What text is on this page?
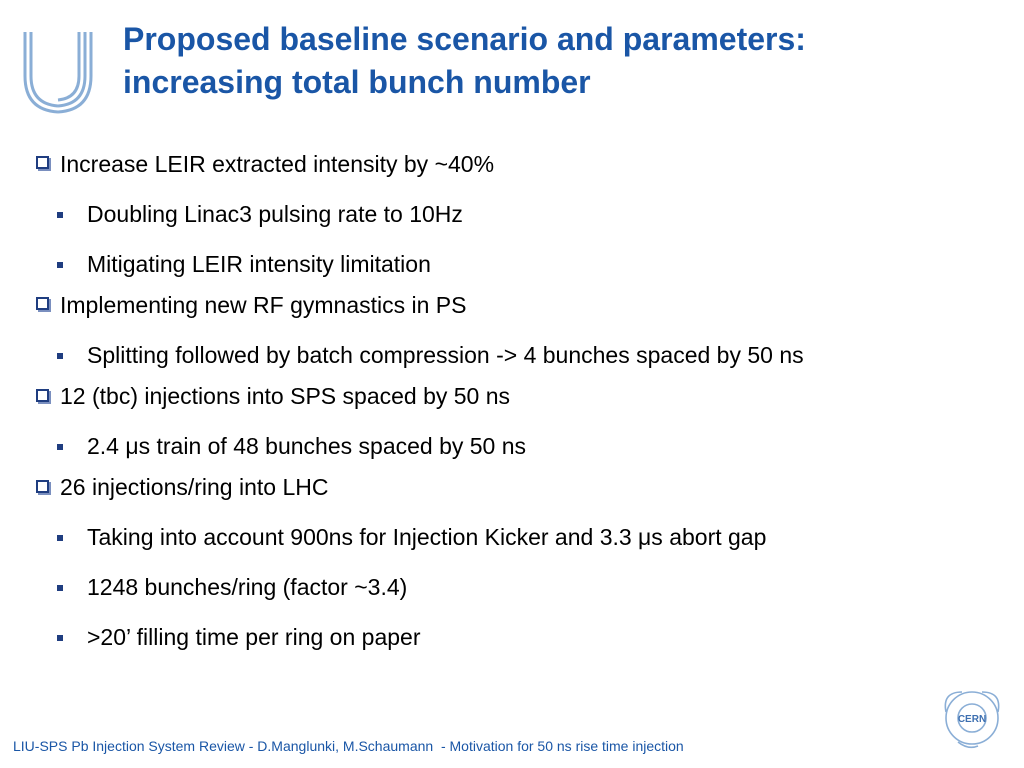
Proposed baseline scenario and parameters:
increasing total bunch number
Increase LEIR extracted intensity by ~40%
Doubling Linac3 pulsing rate to 10Hz
Mitigating LEIR intensity limitation
Implementing new RF gymnastics in PS
Splitting followed by batch compression -> 4 bunches spaced by 50 ns
12 (tbc) injections into SPS spaced by 50 ns
2.4 μs train of 48 bunches spaced by 50 ns
26 injections/ring into LHC
Taking into account 900ns for Injection Kicker and 3.3 μs abort gap
1248 bunches/ring (factor ~3.4)
>20’ filling time per ring on paper
CERN
LIU-SPS Pb Injection System Review - D.Manglunki, M.Schaumann  - Motivation for 50 ns rise time injection
